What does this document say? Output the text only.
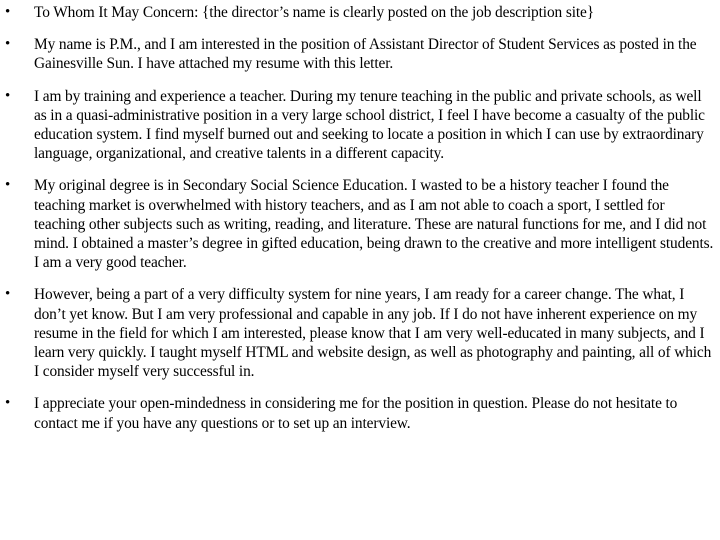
• To Whom It May Concern: {the director’s name is clearly posted on the job description site}
• My name is P.M., and I am interested in the position of Assistant Director of Student Services as posted in the Gainesville Sun. I have attached my resume with this letter.
• I am by training and experience a teacher. During my tenure teaching in the public and private schools, as well as in a quasi-administrative position in a very large school district, I feel I have become a casualty of the public education system. I find myself burned out and seeking to locate a position in which I can use by extraordinary language, organizational, and creative talents in a different capacity.
• My original degree is in Secondary Social Science Education. I wasted to be a history teacher I found the teaching market is overwhelmed with history teachers, and as I am not able to coach a sport, I settled for teaching other subjects such as writing, reading, and literature. These are natural functions for me, and I did not mind. I obtained a master’s degree in gifted education, being drawn to the creative and more intelligent students. I am a very good teacher.
• However, being a part of a very difficulty system for nine years, I am ready for a career change. The what, I don’t yet know. But I am very professional and capable in any job. If I do not have inherent experience on my resume in the field for which I am interested, please know that I am very well-educated in many subjects, and I learn very quickly. I taught myself HTML and website design, as well as photography and painting, all of which I consider myself very successful in.
• I appreciate your open-mindedness in considering me for the position in question. Please do not hesitate to contact me if you have any questions or to set up an interview.
